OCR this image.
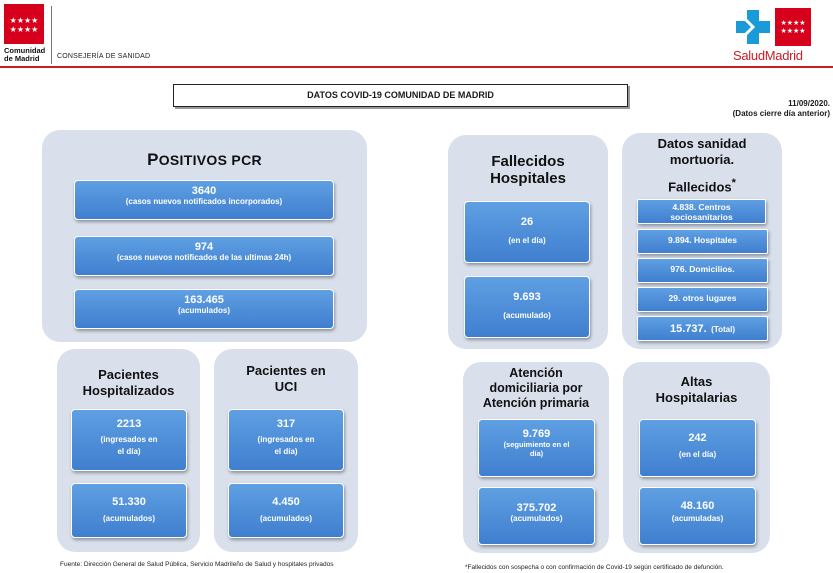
★★★★
★★★★
Comunidad
de Madrid	CONSEJERÍA DE SANIDAD
★★★★
★★★★
SaludMadrid
DATOS COVID-19 COMUNIDAD DE MADRID
11/09/2020.
(Datos cierre día anterior)
POSITIVOS PCR
3640
(casos nuevos notificados incorporados)
974
(casos nuevos notificados de las ultimas 24h)
163.465
(acumulados)
Pacientes
Hospitalizados
2213
(ingresados en
el día)
51.330
(acumulados)
Pacientes en
UCI
317
(ingresados en
el día)
4.450
(acumulados)
Fallecidos
Hospitales
26
(en el día)
9.693
(acumulado)
Datos sanidad
mortuoria.
Fallecidos*
4.838. Centros
sociosanitarios
9.894. Hospitales
976. Domicilios.
29. otros lugares
15.737. (Total)
Atención
domiciliaria por
Atención primaria
9.769
(seguimiento en el
día)
375.702
(acumulados)
Altas
Hospitalarias
242
(en el día)
48.160
(acumuladas)
Fuente: Dirección General de Salud Pública, Servicio Madrileño de Salud y hospitales privados	*Fallecidos con sospecha o con confirmación de Covid-19 según certificado de defunción.
